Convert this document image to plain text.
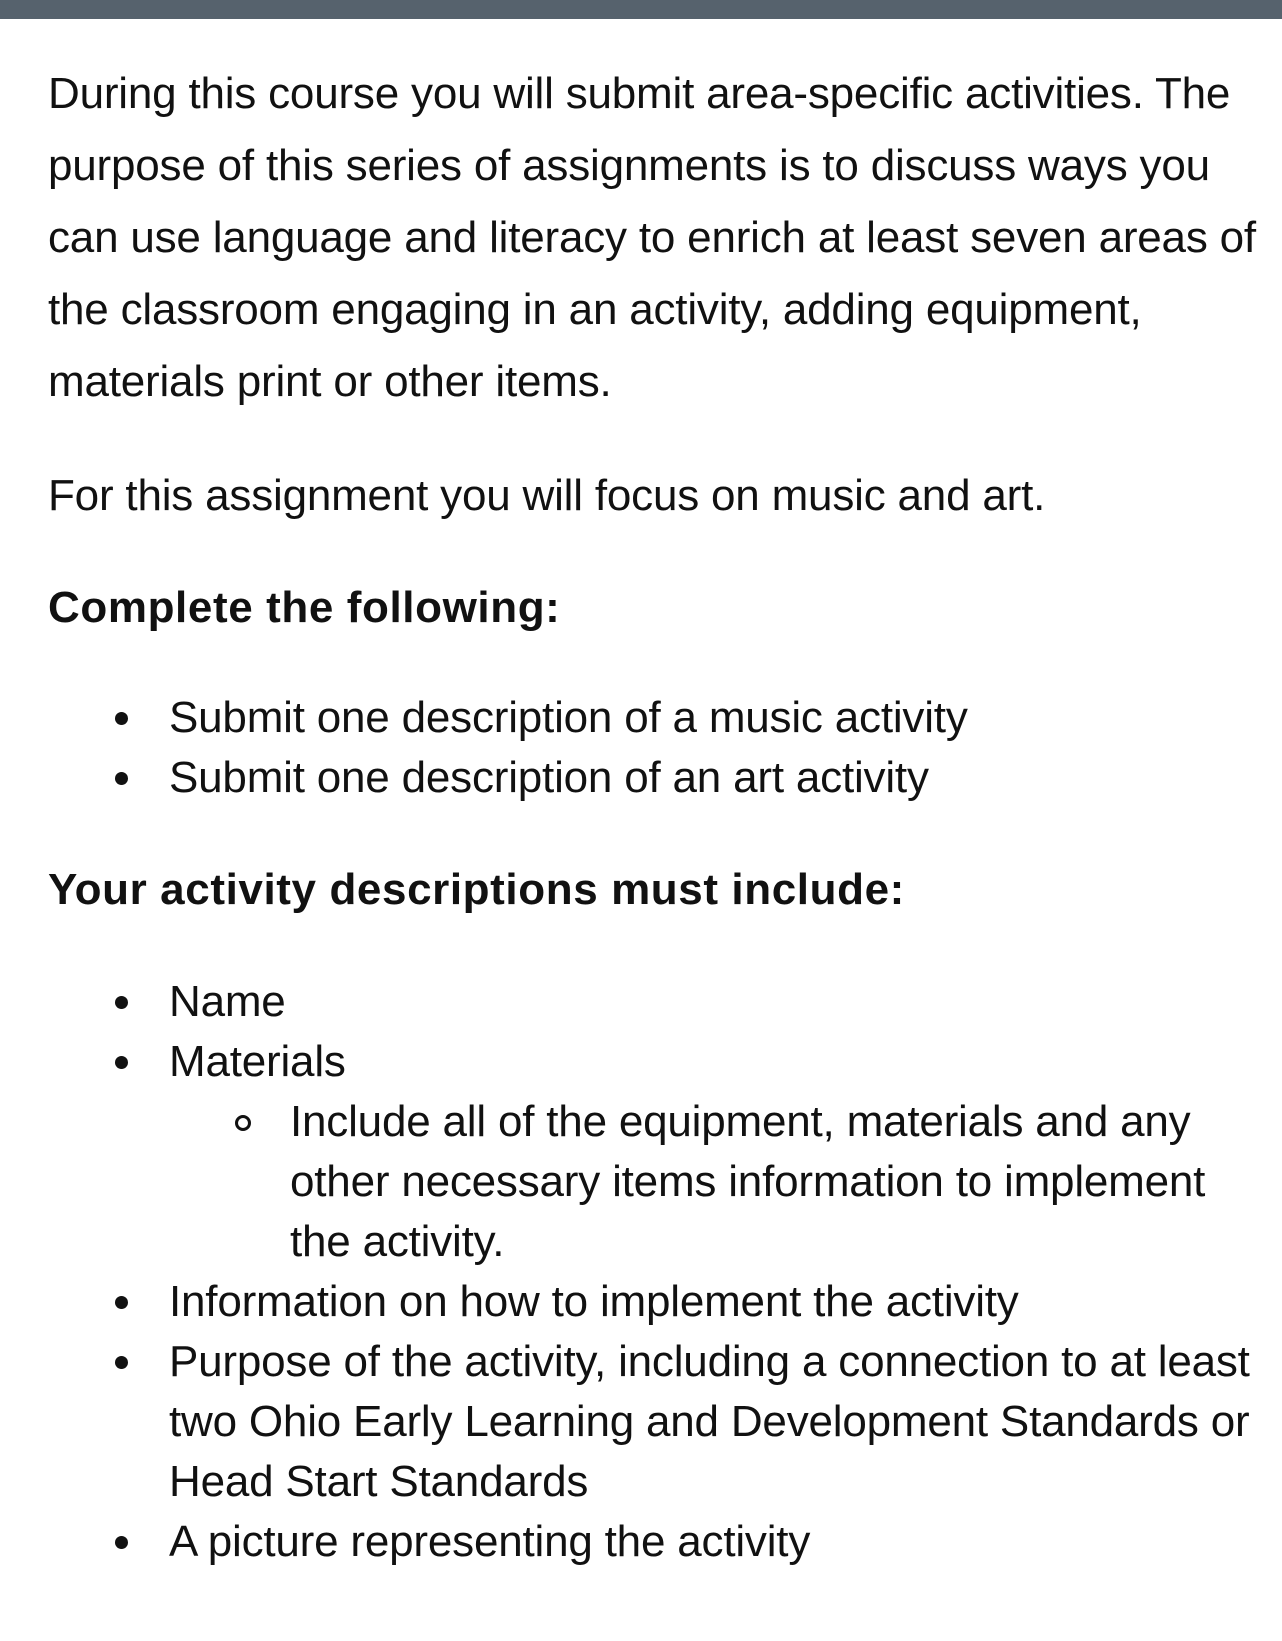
During this course you will submit area-specific activities. The purpose of this series of assignments is to discuss ways you can use language and literacy to enrich at least seven areas of the classroom engaging in an activity, adding equipment, materials print or other items.

For this assignment you will focus on music and art.

Complete the following:

Submit one description of a music activity
Submit one description of an art activity

Your activity descriptions must include:

Name
Materials
Include all of the equipment, materials and any other necessary items information to implement the activity.
Information on how to implement the activity
Purpose of the activity, including a connection to at least two Ohio Early Learning and Development Standards or Head Start Standards
A picture representing the activity
